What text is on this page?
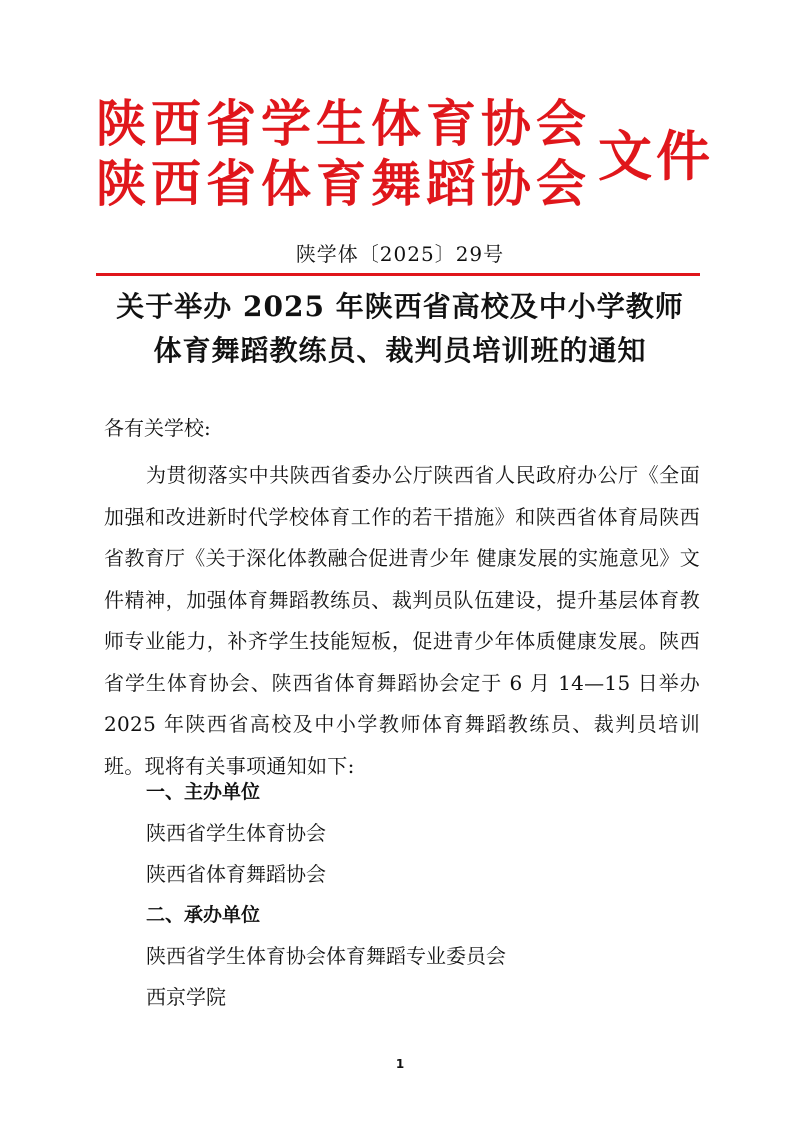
陕西省学生体育协会
陕西省体育舞蹈协会 文件
陕学体〔2025〕29号
关于举办 2025 年陕西省高校及中小学教师
体育舞蹈教练员、裁判员培训班的通知
各有关学校:
为贯彻落实中共陕西省委办公厅陕西省人民政府办公厅《全面加强和改进新时代学校体育工作的若干措施》和陕西省体育局陕西省教育厅《关于深化体教融合促进青少年 健康发展的实施意见》文件精神，加强体育舞蹈教练员、裁判员队伍建设，提升基层体育教师专业能力，补齐学生技能短板，促进青少年体质健康发展。陕西省学生体育协会、陕西省体育舞蹈协会定于 6 月 14—15 日举办 2025 年陕西省高校及中小学教师体育舞蹈教练员、裁判员培训班。现将有关事项通知如下:
一、主办单位
陕西省学生体育协会
陕西省体育舞蹈协会
二、承办单位
陕西省学生体育协会体育舞蹈专业委员会
西京学院
1
